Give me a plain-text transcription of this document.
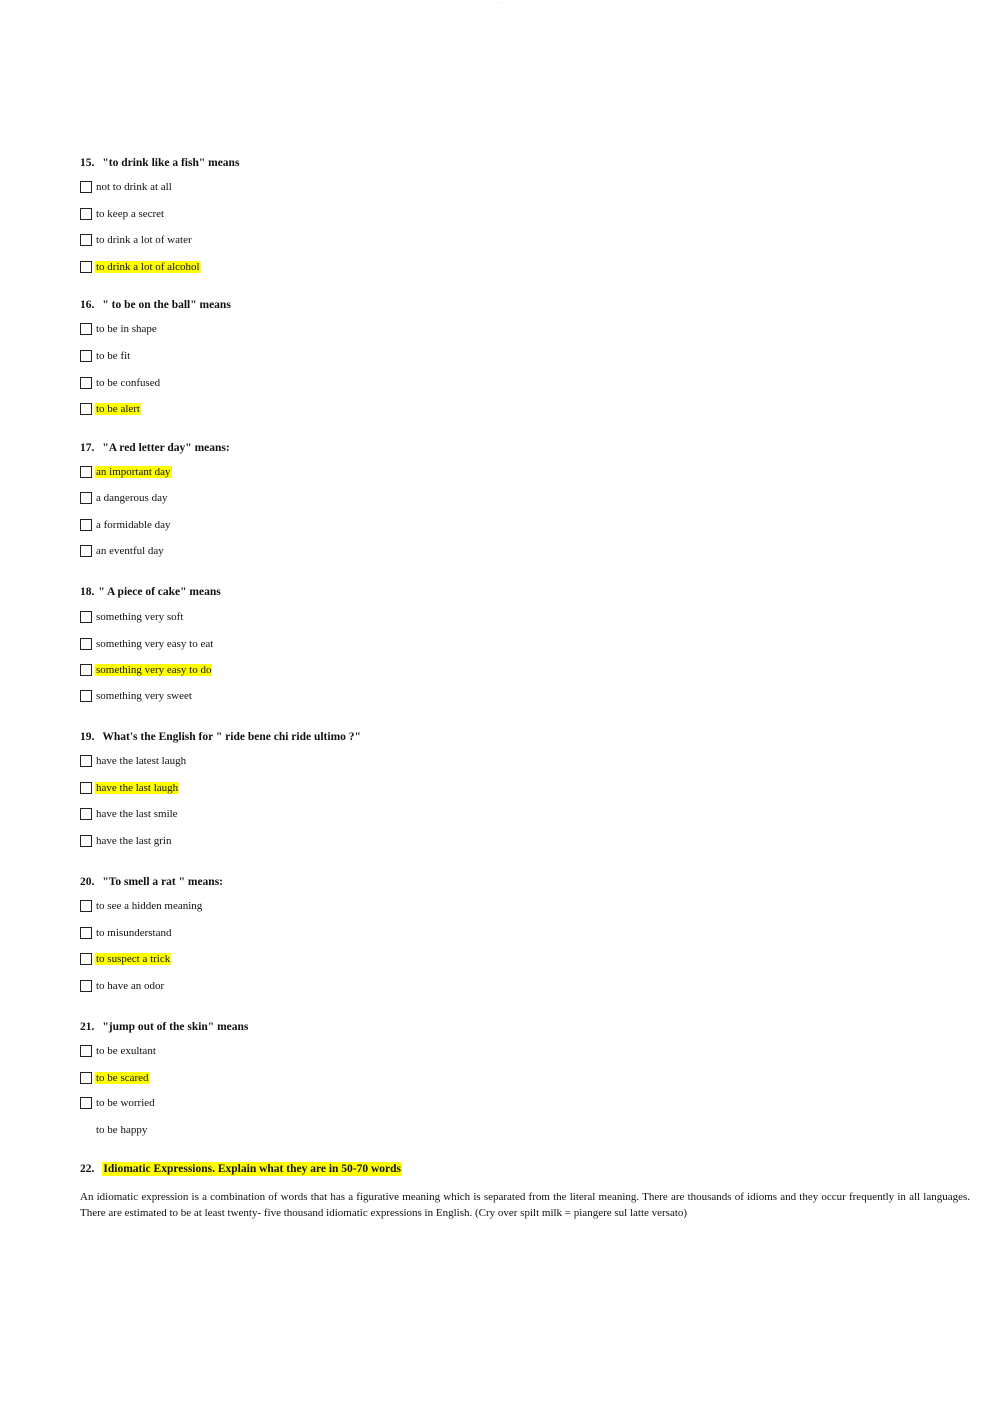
· · · · ·
15. "to drink like a fish" means
not to drink at all
to keep a secret
to drink a lot of water
to drink a lot of alcohol
16. " to be on the ball" means
to be in shape
to be fit
to be confused
to be alert
17. "A red letter day" means:
an important day
a dangerous day
a formidable day
an eventful day
18. " A piece of cake" means
something very soft
something very easy to eat
something very easy to do
something very sweet
19. What's the English for " ride bene chi ride ultimo ?"
have the latest laugh
have the last laugh
have the last smile
have the last grin
20. "To smell a rat " means:
to see a hidden meaning
to misunderstand
to suspect a trick
to have an odor
21. "jump out of the skin" means
to be exultant
to be scared
to be worried
to be happy
22. Idiomatic Expressions. Explain what they are in 50-70 words
An idiomatic expression is a combination of words that has a figurative meaning which is separated from the literal meaning. There are thousands of idioms and they occur frequently in all languages. There are estimated to be at least twenty- five thousand idiomatic expressions in English. (Cry over spilt milk = piangere sul latte versato)
